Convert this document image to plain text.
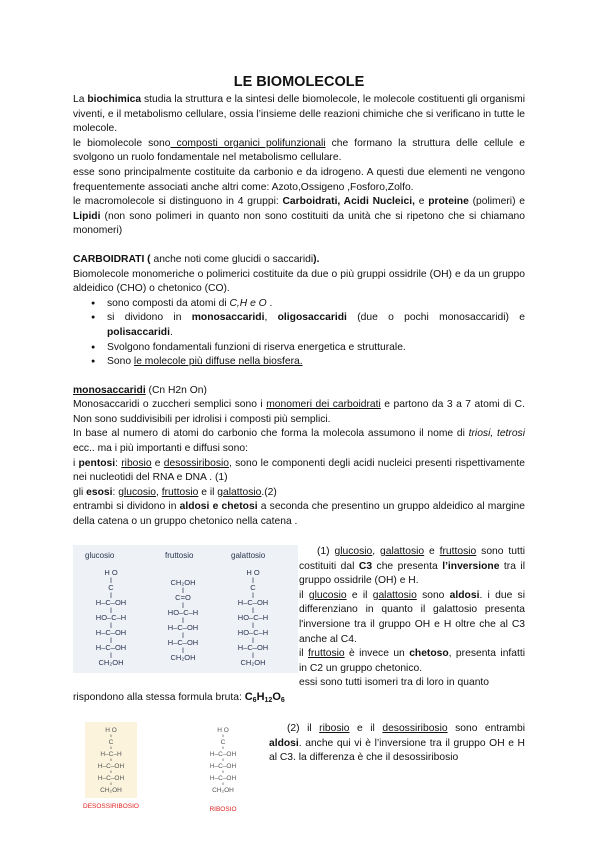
LE BIOMOLECOLE

La biochimica studia la struttura e la sintesi delle biomolecole, le molecole costituenti gli organismi viventi, e il metabolismo cellulare, ossia l’insieme delle reazioni chimiche che si verificano in tutte le molecole.

le biomolecole sono composti organici polifunzionali che formano la struttura delle cellule e svolgono un ruolo fondamentale nel metabolismo cellulare.

esse sono principalmente costituite da carbonio e da idrogeno. A questi due elementi ne vengono frequentemente associati anche altri come: Azoto,Ossigeno ,Fosforo,Zolfo.

le macromolecole si distinguono in 4 gruppi: Carboidrati, Acidi Nucleici, e proteine (polimeri) e Lipidi (non sono polimeri in quanto non sono costituiti da unità che si ripetono che si chiamano monomeri)

CARBOIDRATI ( anche noti come glucidi o saccaridi).

Biomolecole monomeriche o polimerici costituite da due o più gruppi ossidrile (OH) e da un gruppo aldeidico (CHO) o chetonico (CO).

● sono composti da atomi di C,H e O .
● si dividono in monosaccaridi, oligosaccaridi (due o pochi monosaccaridi) e polisaccaridi.
● Svolgono fondamentali funzioni di riserva energetica e strutturale.
● Sono le molecole più diffuse nella biosfera.

monosaccaridi (Cn H2n On)

Monosaccaridi o zuccheri semplici sono i monomeri dei carboidrati e partono da 3 a 7 atomi di C. Non sono suddivisibili per idrolisi i composti più semplici.

In base al numero di atomi do carbonio che forma la molecola assumono il nome di triosi, tetrosi ecc.. ma i più importanti e diffusi sono:

i pentosi: ribosio e desossiribosio, sono le componenti degli acidi nucleici presenti rispettivamente nei nucleotidi del RNA e DNA . (1)

gli esosi: glucosio, fruttosio e il galattosio.(2)

entrambi si dividono in aldosi e chetosi a seconda che presentino un gruppo aldeidico al margine della catena o un gruppo chetonico nella catena .

glucosio	fruttosio	galattosio
H O
C
H–C–OH
HO–C–H
H–C–OH
H–C–OH
CH₂OH
CH₂OH
C=O
HO–C–H
H–C–OH
H–C–OH
CH₂OH
H O
C
H–C–OH
HO–C–H
HO–C–H
H–C–OH
CH₂OH

(1) glucosio, galattosio e fruttosio sono tutti costituiti dal C3 che presenta l’inversione tra il gruppo ossidrile (OH) e H.

il glucosio e il galattosio sono aldosi. i due si differenziano in quanto il galattosio presenta l'inversione tra il gruppo OH e H oltre che al C3 anche al C4.

il fruttosio è invece un chetoso, presenta infatti in C2 un gruppo chetonico.

essi sono tutti isomeri tra di loro in quanto

rispondono alla stessa formula bruta: $C_6H_{12}O_6$

H O
C
H–C–H
H–C–OH
H–C–OH
CH₂OH
H O
C
H–C–OH
H–C–OH
H–C–OH
CH₂OH
DESOSSIRIBOSIO	RIBOSIO

(2) il ribosio e il desossiribosio sono entrambi aldosi. anche qui vi è l’inversione tra il gruppo OH e H al C3. la differenza è che il desossiribosio
